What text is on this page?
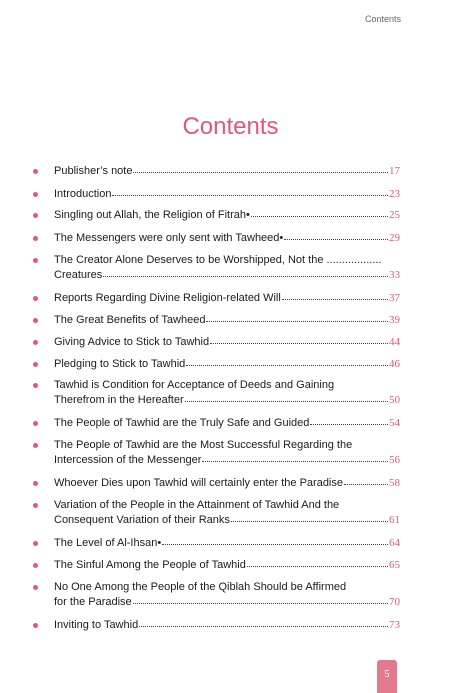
Contents
Contents
Publisher’s note	17
Introduction	23
Singling out Allah, the Religion of Fitrah•	25
The Messengers were only sent with Tawheed•	29
The Creator Alone Deserves to be Worshipped, Not the ..................
Creatures	33
Reports Regarding Divine Religion-related Will	37
The Great Benefits of Tawheed	39
Giving Advice to Stick to Tawhid	44
Pledging to Stick to Tawhid	46
Tawhid is Condition for Acceptance of Deeds and Gaining
Therefrom in the Hereafter	50
The People of Tawhid are the Truly Safe and Guided	54
The People of Tawhid are the Most Successful Regarding the
Intercession of the Messenger	56
Whoever Dies upon Tawhid will certainly enter the Paradise	58
Variation of the People in the Attainment of Tawhid And the
Consequent Variation of their Ranks	61
The Level of Al-Ihsan•	64
The Sinful Among the People of Tawhid	65
No One Among the People of the Qiblah Should be Affirmed
for the Paradise	70
Inviting to Tawhid	73
5
